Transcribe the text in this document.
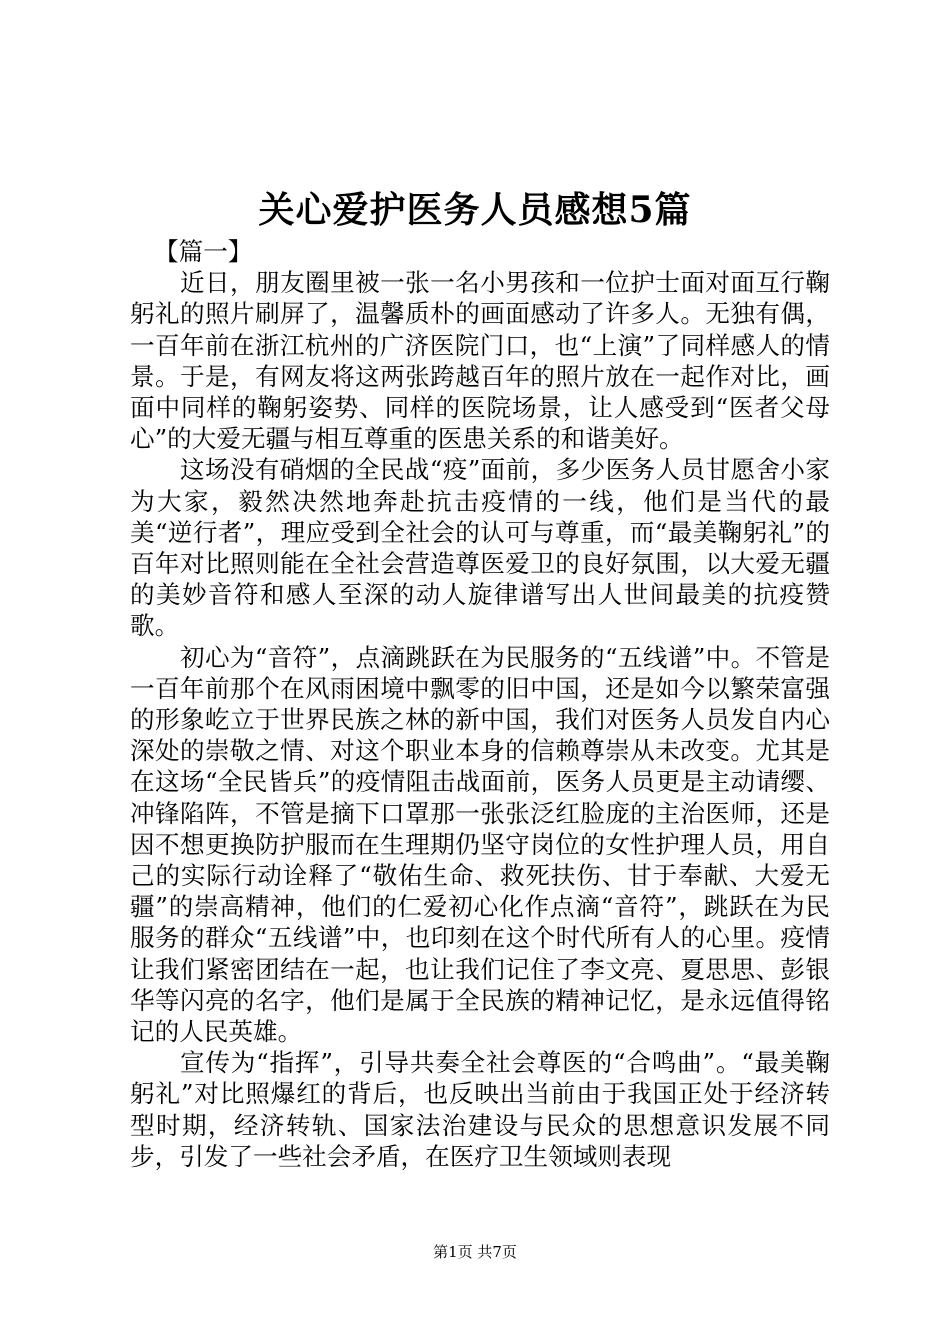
关心爱护医务人员感想5篇

【篇一】

近日，朋友圈里被一张一名小男孩和一位护士面对面互行鞠躬礼的照片刷屏了，温馨质朴的画面感动了许多人。无独有偶，一百年前在浙江杭州的广济医院门口，也“上演”了同样感人的情景。于是，有网友将这两张跨越百年的照片放在一起作对比，画面中同样的鞠躬姿势、同样的医院场景，让人感受到“医者父母心”的大爱无疆与相互尊重的医患关系的和谐美好。

这场没有硝烟的全民战“疫”面前，多少医务人员甘愿舍小家为大家，毅然决然地奔赴抗击疫情的一线，他们是当代的最美“逆行者”，理应受到全社会的认可与尊重，而“最美鞠躬礼”的百年对比照则能在全社会营造尊医爱卫的良好氛围，以大爱无疆的美妙音符和感人至深的动人旋律谱写出人世间最美的抗疫赞歌。

初心为“音符”，点滴跳跃在为民服务的“五线谱”中。不管是一百年前那个在风雨困境中飘零的旧中国，还是如今以繁荣富强的形象屹立于世界民族之林的新中国，我们对医务人员发自内心深处的崇敬之情、对这个职业本身的信赖尊崇从未改变。尤其是在这场“全民皆兵”的疫情阻击战面前，医务人员更是主动请缨、冲锋陷阵，不管是摘下口罩那一张张泛红脸庞的主治医师，还是因不想更换防护服而在生理期仍坚守岗位的女性护理人员，用自己的实际行动诠释了“敬佑生命、救死扶伤、甘于奉献、大爱无疆”的崇高精神，他们的仁爱初心化作点滴“音符”，跳跃在为民服务的群众“五线谱”中，也印刻在这个时代所有人的心里。疫情让我们紧密团结在一起，也让我们记住了李文亮、夏思思、彭银华等闪亮的名字，他们是属于全民族的精神记忆，是永远值得铭记的人民英雄。

宣传为“指挥”，引导共奏全社会尊医的“合鸣曲”。“最美鞠躬礼”对比照爆红的背后，也反映出当前由于我国正处于经济转型时期，经济转轨、国家法治建设与民众的思想意识发展不同步，引发了一些社会矛盾，在医疗卫生领域则表现

第1页 共7页
